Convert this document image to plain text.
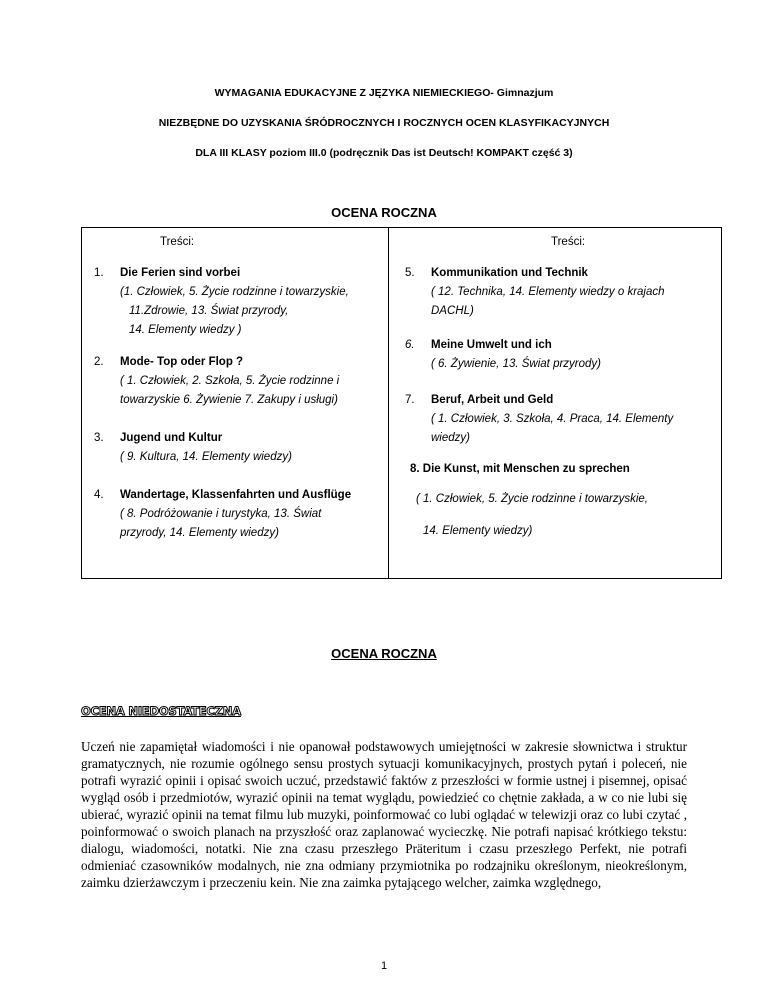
WYMAGANIA EDUKACYJNE Z JĘZYKA NIEMIECKIEGO- Gimnazjum
NIEZBĘDNE DO UZYSKANIA ŚRÓDROCZNYCH I ROCZNYCH OCEN KLASYFIKACYJNYCH
DLA III KLASY poziom III.0 (podręcznik Das ist Deutsch! KOMPAKT część 3)
OCENA ROCZNA
Treści:	Treści:
1. Die Ferien sind vorbei
(1. Człowiek, 5. Życie rodzinne i towarzyskie,
11.Zdrowie, 13. Świat przyrody,
14. Elementy wiedzy )
2. Mode- Top oder Flop ?
( 1. Człowiek, 2. Szkoła, 5. Życie rodzinne i
towarzyskie 6. Żywienie 7. Zakupy i usługi)
3. Jugend und Kultur
( 9. Kultura, 14. Elementy wiedzy)
4. Wandertage, Klassenfahrten und Ausflüge
( 8. Podróżowanie i turystyka, 13. Świat
przyrody, 14. Elementy wiedzy)
5. Kommunikation und Technik
( 12. Technika, 14. Elementy wiedzy o krajach
DACHL)
6. Meine Umwelt und ich
( 6. Żywienie, 13. Świat przyrody)
7. Beruf, Arbeit und Geld
( 1. Człowiek, 3. Szkoła, 4. Praca, 14. Elementy
wiedzy)
8. Die Kunst, mit Menschen zu sprechen
( 1. Człowiek, 5. Życie rodzinne i towarzyskie,
14. Elementy wiedzy)
OCENA ROCZNA
OCENA NIEDOSTATECZNA
Uczeń nie zapamiętał wiadomości i nie opanował podstawowych umiejętności w zakresie słownictwa i struktur gramatycznych, nie rozumie ogólnego sensu prostych sytuacji komunikacyjnych, prostych pytań i poleceń, nie potrafi wyrazić opinii i opisać swoich uczuć, przedstawić faktów z przeszłości w formie ustnej i pisemnej, opisać wygląd osób i przedmiotów, wyrazić opinii na temat wyglądu, powiedzieć co chętnie zakłada, a w co nie lubi się ubierać, wyrazić opinii na temat filmu lub muzyki, poinformować co lubi oglądać w telewizji oraz co lubi czytać , poinformować o swoich planach na przyszłość oraz zaplanować wycieczkę. Nie potrafi napisać krótkiego tekstu: dialogu, wiadomości, notatki. Nie zna czasu przeszłego Präteritum i czasu przeszłego Perfekt, nie potrafi odmieniać czasowników modalnych, nie zna odmiany przymiotnika po rodzajniku określonym, nieokreślonym, zaimku dzierżawczym i przeczeniu kein. Nie zna zaimka pytającego welcher, zaimka względnego,
1
